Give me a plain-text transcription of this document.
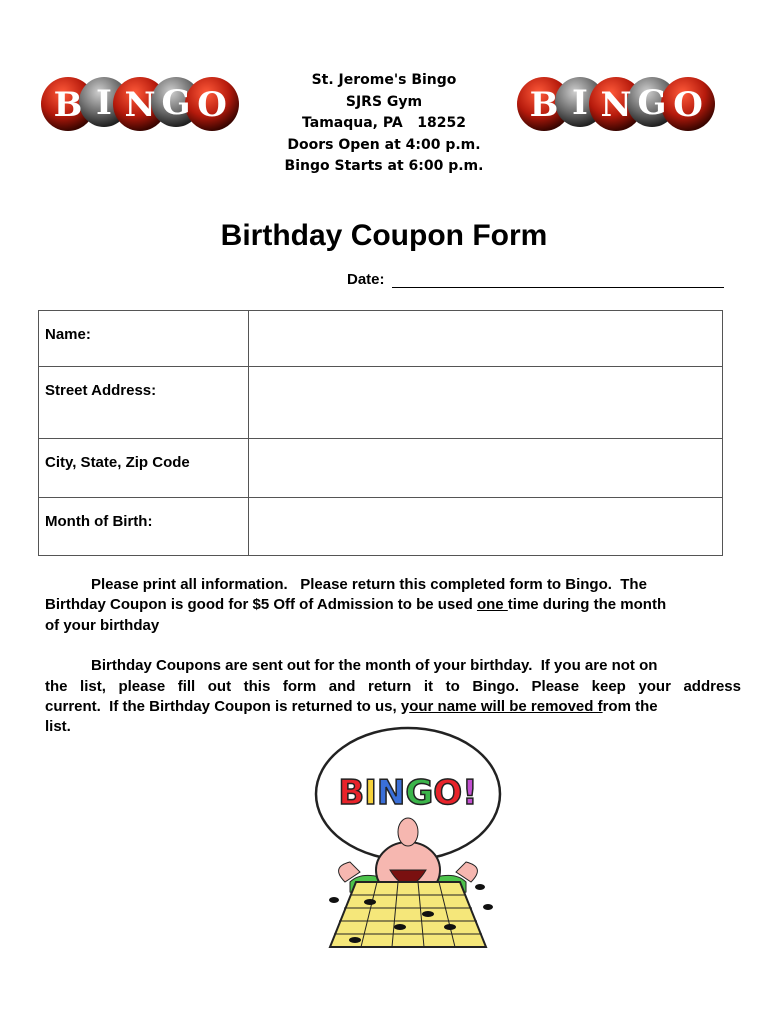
B I N G O	B I N G O
St. Jerome's Bingo
SJRS Gym
Tamaqua, PA   18252
Doors Open at 4:00 p.m.
Bingo Starts at 6:00 p.m.
Birthday Coupon Form
Date:
Name:	
Street Address:	
City, State, Zip Code	
Month of Birth:	
Please print all information.   Please return this completed form to Bingo.  The
Birthday Coupon is good for $5 Off of Admission to be used one time during the month
of your birthday
Birthday Coupons are sent out for the month of your birthday.  If you are not on
the list, please fill out this form and return it to Bingo. Please keep your address
current.  If the Birthday Coupon is returned to us, your name will be removed from the
list.
BINGO!
